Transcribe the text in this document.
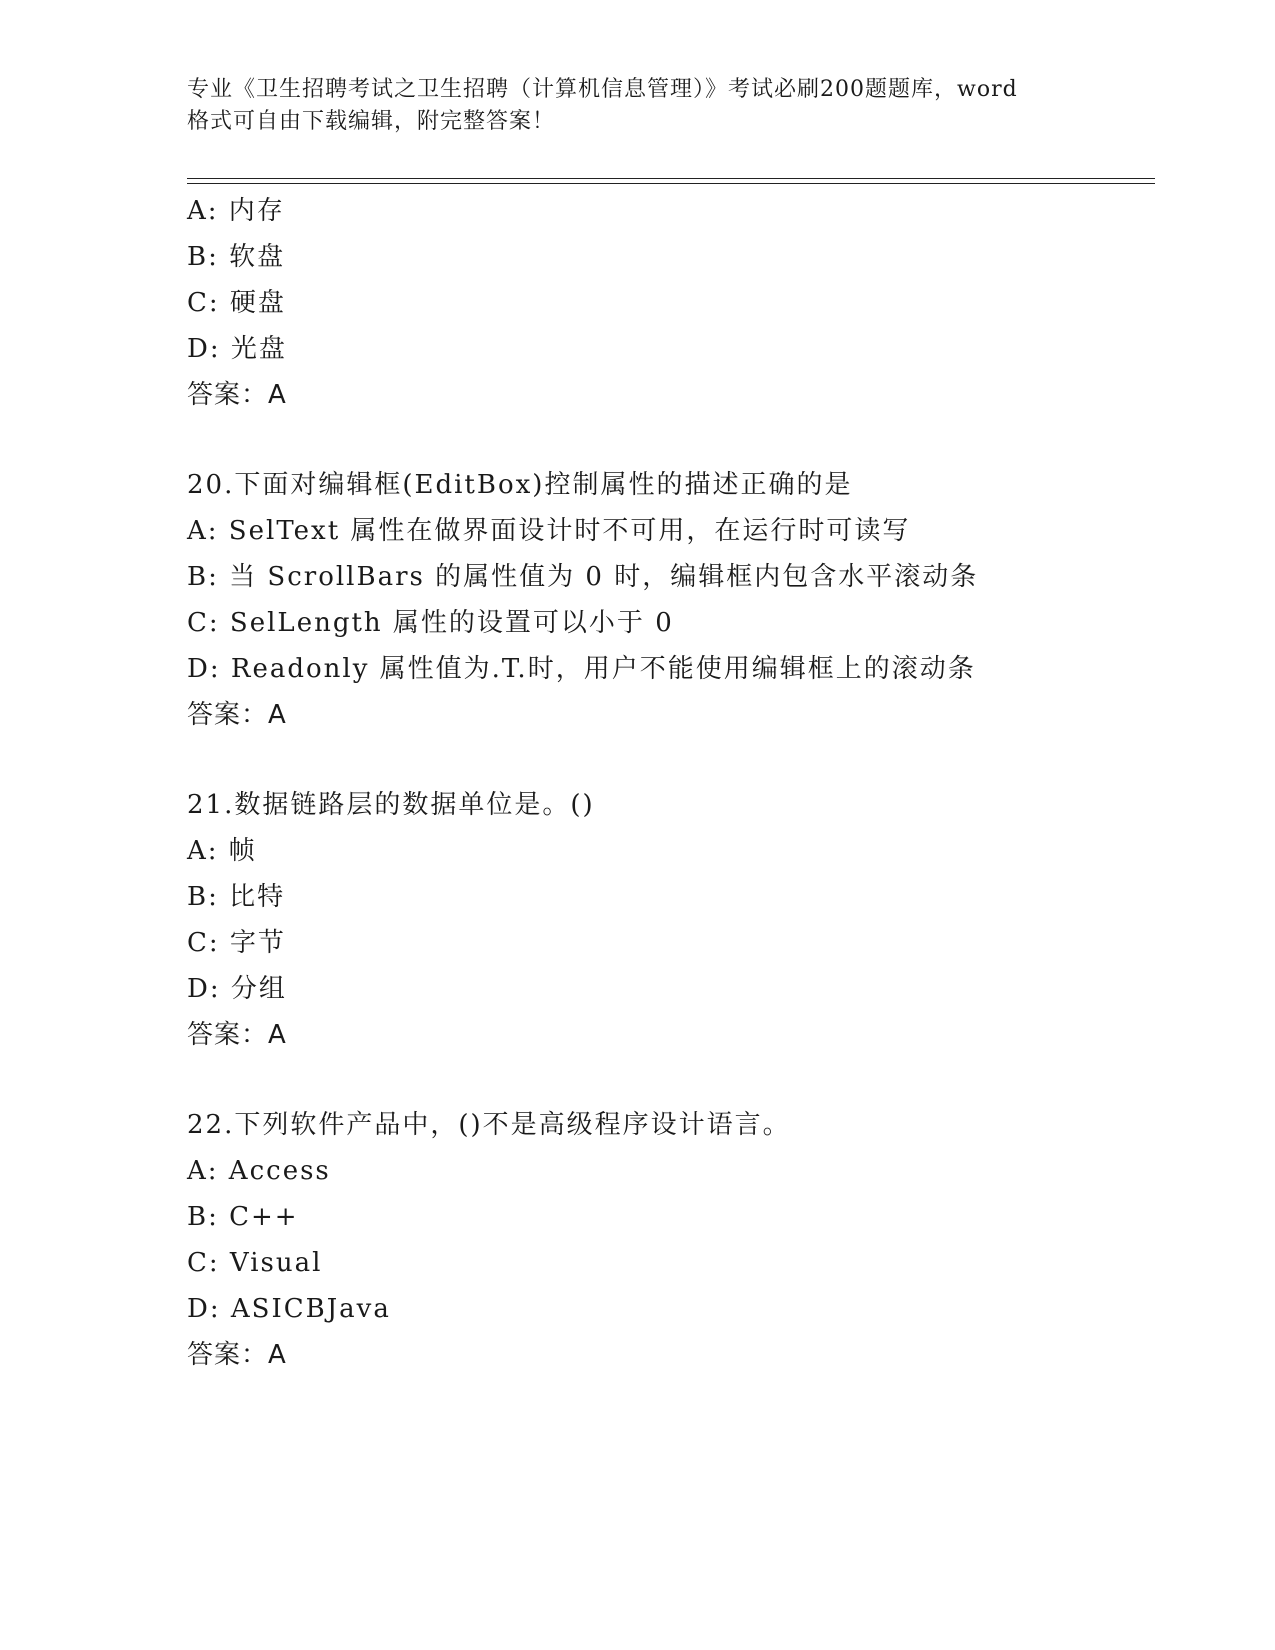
专业《卫生招聘考试之卫生招聘（计算机信息管理）》考试必刷200题题库，word
格式可自由下载编辑，附完整答案！
A: 内存
B: 软盘
C: 硬盘
D: 光盘
答案：A
20.下面对编辑框(EditBox)控制属性的描述正确的是
A: SelText 属性在做界面设计时不可用，在运行时可读写
B: 当 ScrollBars 的属性值为 0 时，编辑框内包含水平滚动条
C: SelLength 属性的设置可以小于 0
D: Readonly 属性值为.T.时，用户不能使用编辑框上的滚动条
答案：A
21.数据链路层的数据单位是。()
A: 帧
B: 比特
C: 字节
D: 分组
答案：A
22.下列软件产品中，()不是高级程序设计语言。
A: Access
B: C++
C: Visual
D: ASICBJava
答案：A
